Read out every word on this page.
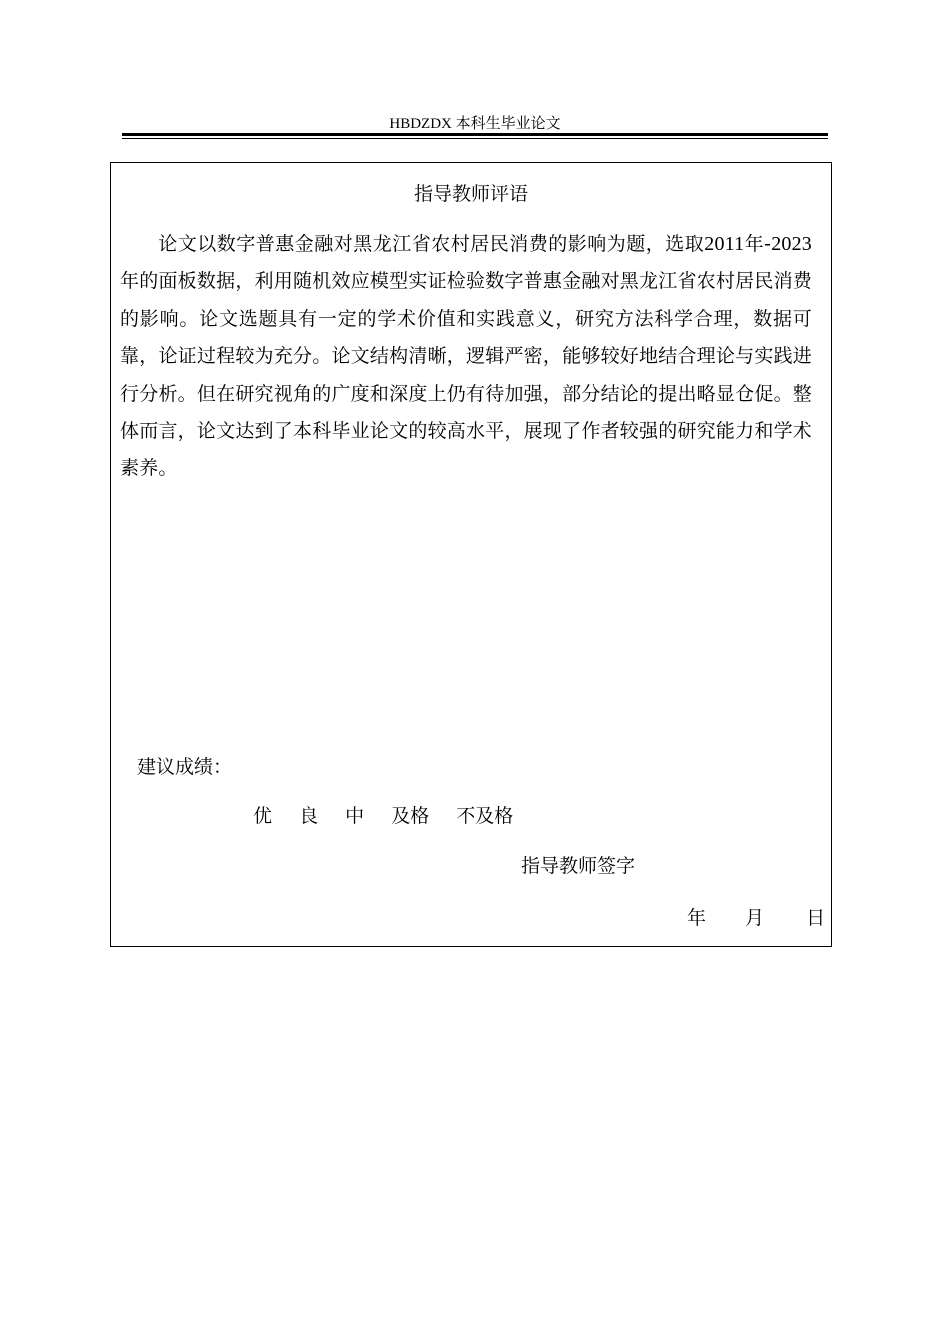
HBDZDX 本科生毕业论文
指导教师评语
论文以数字普惠金融对黑龙江省农村居民消费的影响为题，选取2011年-2023年的面板数据，利用随机效应模型实证检验数字普惠金融对黑龙江省农村居民消费的影响。论文选题具有一定的学术价值和实践意义，研究方法科学合理，数据可靠，论证过程较为充分。论文结构清晰，逻辑严密，能够较好地结合理论与实践进行分析。但在研究视角的广度和深度上仍有待加强，部分结论的提出略显仓促。整体而言，论文达到了本科毕业论文的较高水平，展现了作者较强的研究能力和学术素养。
建议成绩：
优 良 中 及格 不及格
指导教师签字
年 月 日
